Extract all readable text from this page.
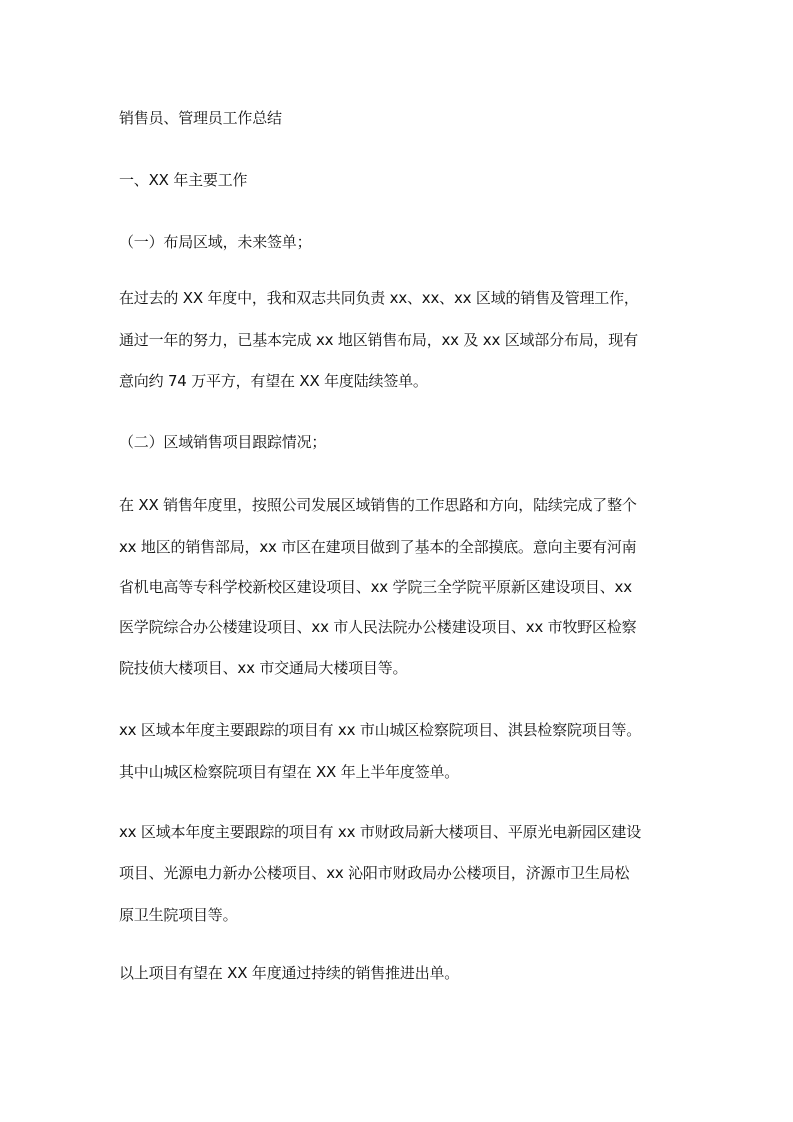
销售员、管理员工作总结
一、XX 年主要工作
（一）布局区域，未来签单；
在过去的 XX 年度中，我和双志共同负责 xx、xx、xx 区域的销售及管理工作，
通过一年的努力，已基本完成 xx 地区销售布局，xx 及 xx 区域部分布局，现有
意向约 74 万平方，有望在 XX 年度陆续签单。
（二）区域销售项目跟踪情况；
在 XX 销售年度里，按照公司发展区域销售的工作思路和方向，陆续完成了整个
xx 地区的销售部局，xx 市区在建项目做到了基本的全部摸底。意向主要有河南
省机电高等专科学校新校区建设项目、xx 学院三全学院平原新区建设项目、xx
医学院综合办公楼建设项目、xx 市人民法院办公楼建设项目、xx 市牧野区检察
院技侦大楼项目、xx 市交通局大楼项目等。
xx 区域本年度主要跟踪的项目有 xx 市山城区检察院项目、淇县检察院项目等。
其中山城区检察院项目有望在 XX 年上半年度签单。
xx 区域本年度主要跟踪的项目有 xx 市财政局新大楼项目、平原光电新园区建设
项目、光源电力新办公楼项目、xx 沁阳市财政局办公楼项目，济源市卫生局松
原卫生院项目等。
以上项目有望在 XX 年度通过持续的销售推进出单。
